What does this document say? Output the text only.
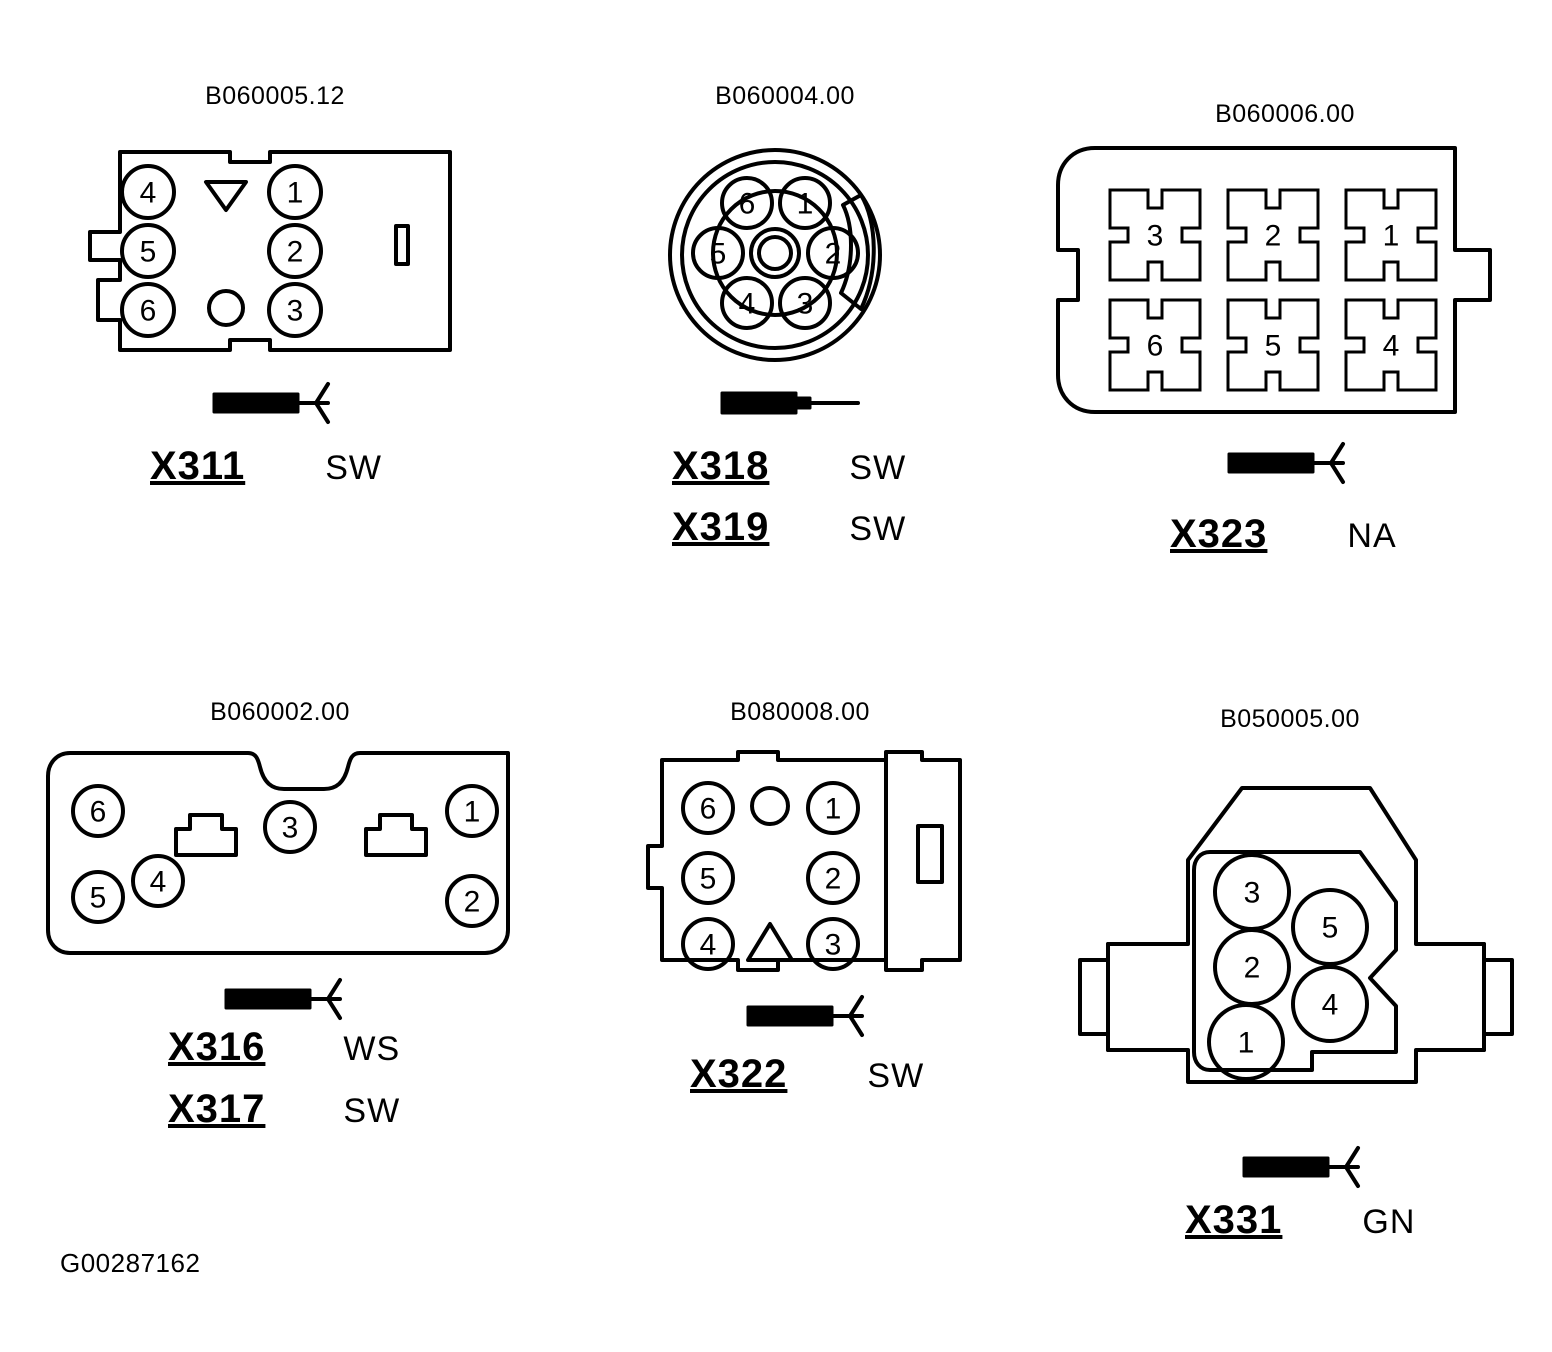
B060005.12
4
5
6
1
2
3
X311 SW
B060004.00
6 1
5	2
4 3
X318 SW
X319 SW
B060006.00
3	2	1
6	5	4
X323 NA
B060002.00
6	3	1
5 4
2
X316 WS
X317 SW
B080008.00
6	1
5	2
4	3
X322 SW
B050005.00
3
5
2
4
1
X331 GN
G00287162
